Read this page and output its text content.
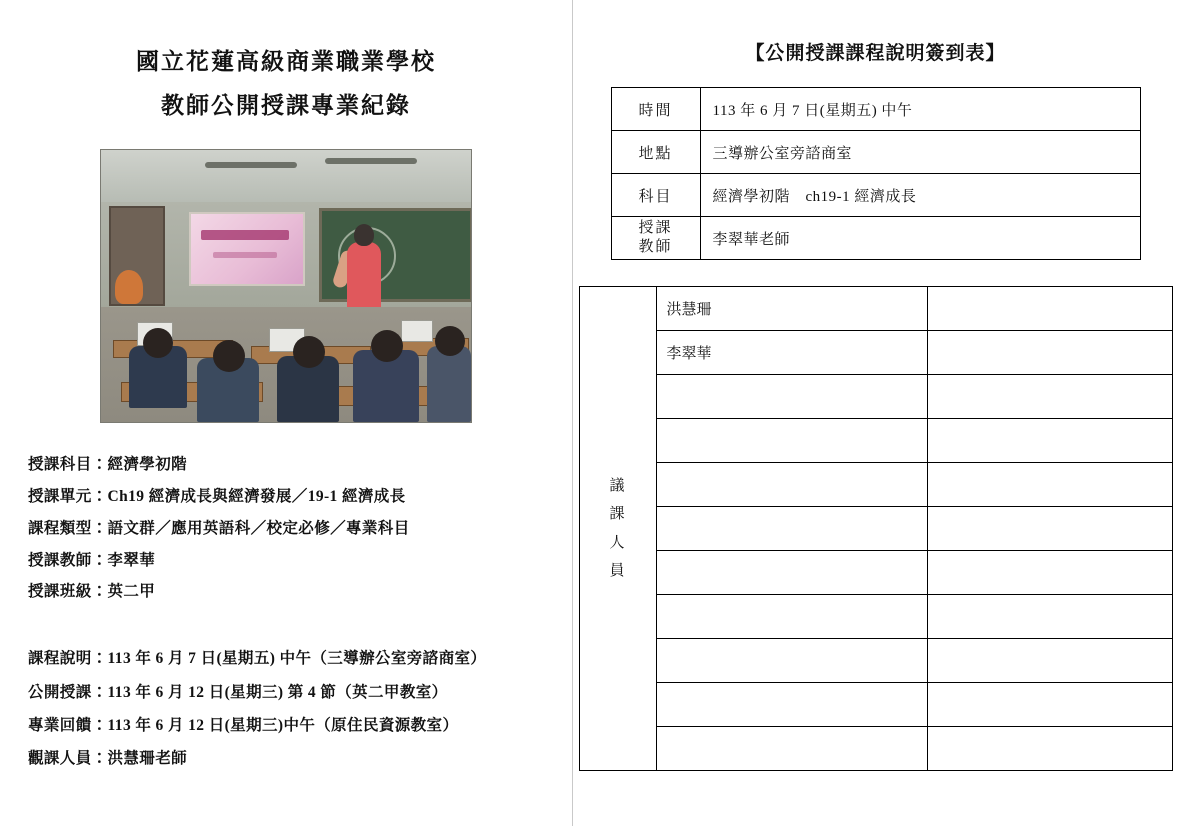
國立花蓮高級商業職業學校
教師公開授課專業紀錄
授課科目：經濟學初階
授課單元：Ch19 經濟成長與經濟發展／19-1 經濟成長
課程類型：語文群／應用英語科／校定必修／專業科目
授課教師：李翠華
授課班級：英二甲
課程說明：113 年 6 月 7 日(星期五) 中午（三導辦公室旁諮商室）
公開授課：113 年 6 月 12 日(星期三) 第 4 節（英二甲教室）
專業回饋：113 年 6 月 12 日(星期三)中午（原住民資源教室）
觀課人員：洪慧珊老師
【公開授課課程說明簽到表】
時間	113 年 6 月 7 日(星期五) 中午
地點	三導辦公室旁諮商室
科目	經濟學初階　ch19-1 經濟成長

授課
教師	李翠華老師
議
課
人
員	洪慧珊	
	李翠華	
